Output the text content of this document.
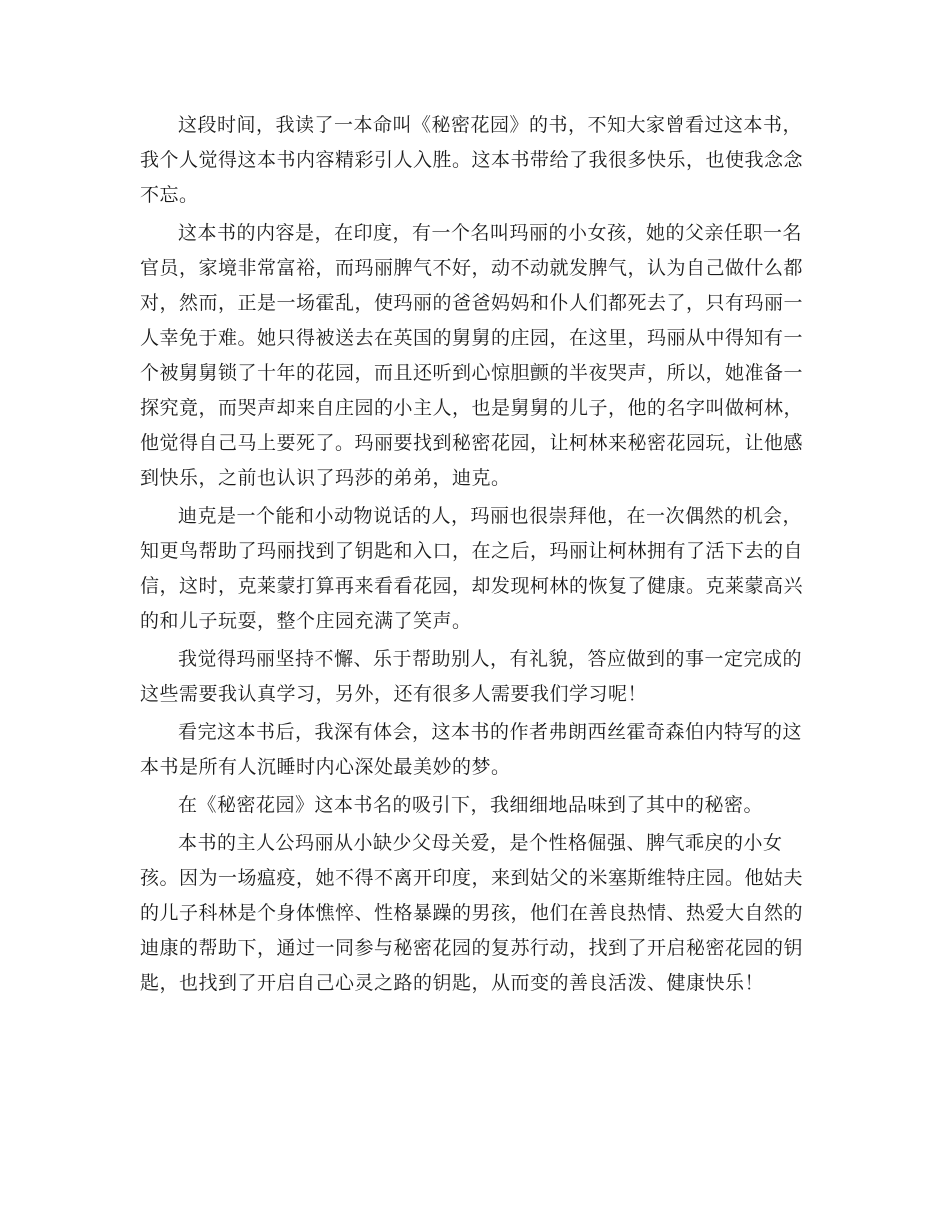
这段时间，我读了一本命叫《秘密花园》的书，不知大家曾看过这本书，我个人觉得这本书内容精彩引人入胜。这本书带给了我很多快乐，也使我念念不忘。

这本书的内容是，在印度，有一个名叫玛丽的小女孩，她的父亲任职一名官员，家境非常富裕，而玛丽脾气不好，动不动就发脾气，认为自己做什么都对，然而，正是一场霍乱，使玛丽的爸爸妈妈和仆人们都死去了，只有玛丽一人幸免于难。她只得被送去在英国的舅舅的庄园，在这里，玛丽从中得知有一个被舅舅锁了十年的花园，而且还听到心惊胆颤的半夜哭声，所以，她准备一探究竟，而哭声却来自庄园的小主人，也是舅舅的儿子，他的名字叫做柯林，他觉得自己马上要死了。玛丽要找到秘密花园，让柯林来秘密花园玩，让他感到快乐，之前也认识了玛莎的弟弟，迪克。

迪克是一个能和小动物说话的人，玛丽也很崇拜他，在一次偶然的机会，知更鸟帮助了玛丽找到了钥匙和入口，在之后，玛丽让柯林拥有了活下去的自信，这时，克莱蒙打算再来看看花园，却发现柯林的恢复了健康。克莱蒙高兴的和儿子玩耍，整个庄园充满了笑声。

我觉得玛丽坚持不懈、乐于帮助别人，有礼貌，答应做到的事一定完成的这些需要我认真学习，另外，还有很多人需要我们学习呢！

看完这本书后，我深有体会，这本书的作者弗朗西丝霍奇森伯内特写的这本书是所有人沉睡时内心深处最美妙的梦。

在《秘密花园》这本书名的吸引下，我细细地品味到了其中的秘密。

本书的主人公玛丽从小缺少父母关爱，是个性格倔强、脾气乖戾的小女孩。因为一场瘟疫，她不得不离开印度，来到姑父的米塞斯维特庄园。他姑夫的儿子科林是个身体憔悴、性格暴躁的男孩，他们在善良热情、热爱大自然的迪康的帮助下，通过一同参与秘密花园的复苏行动，找到了开启秘密花园的钥匙，也找到了开启自己心灵之路的钥匙，从而变的善良活泼、健康快乐！
